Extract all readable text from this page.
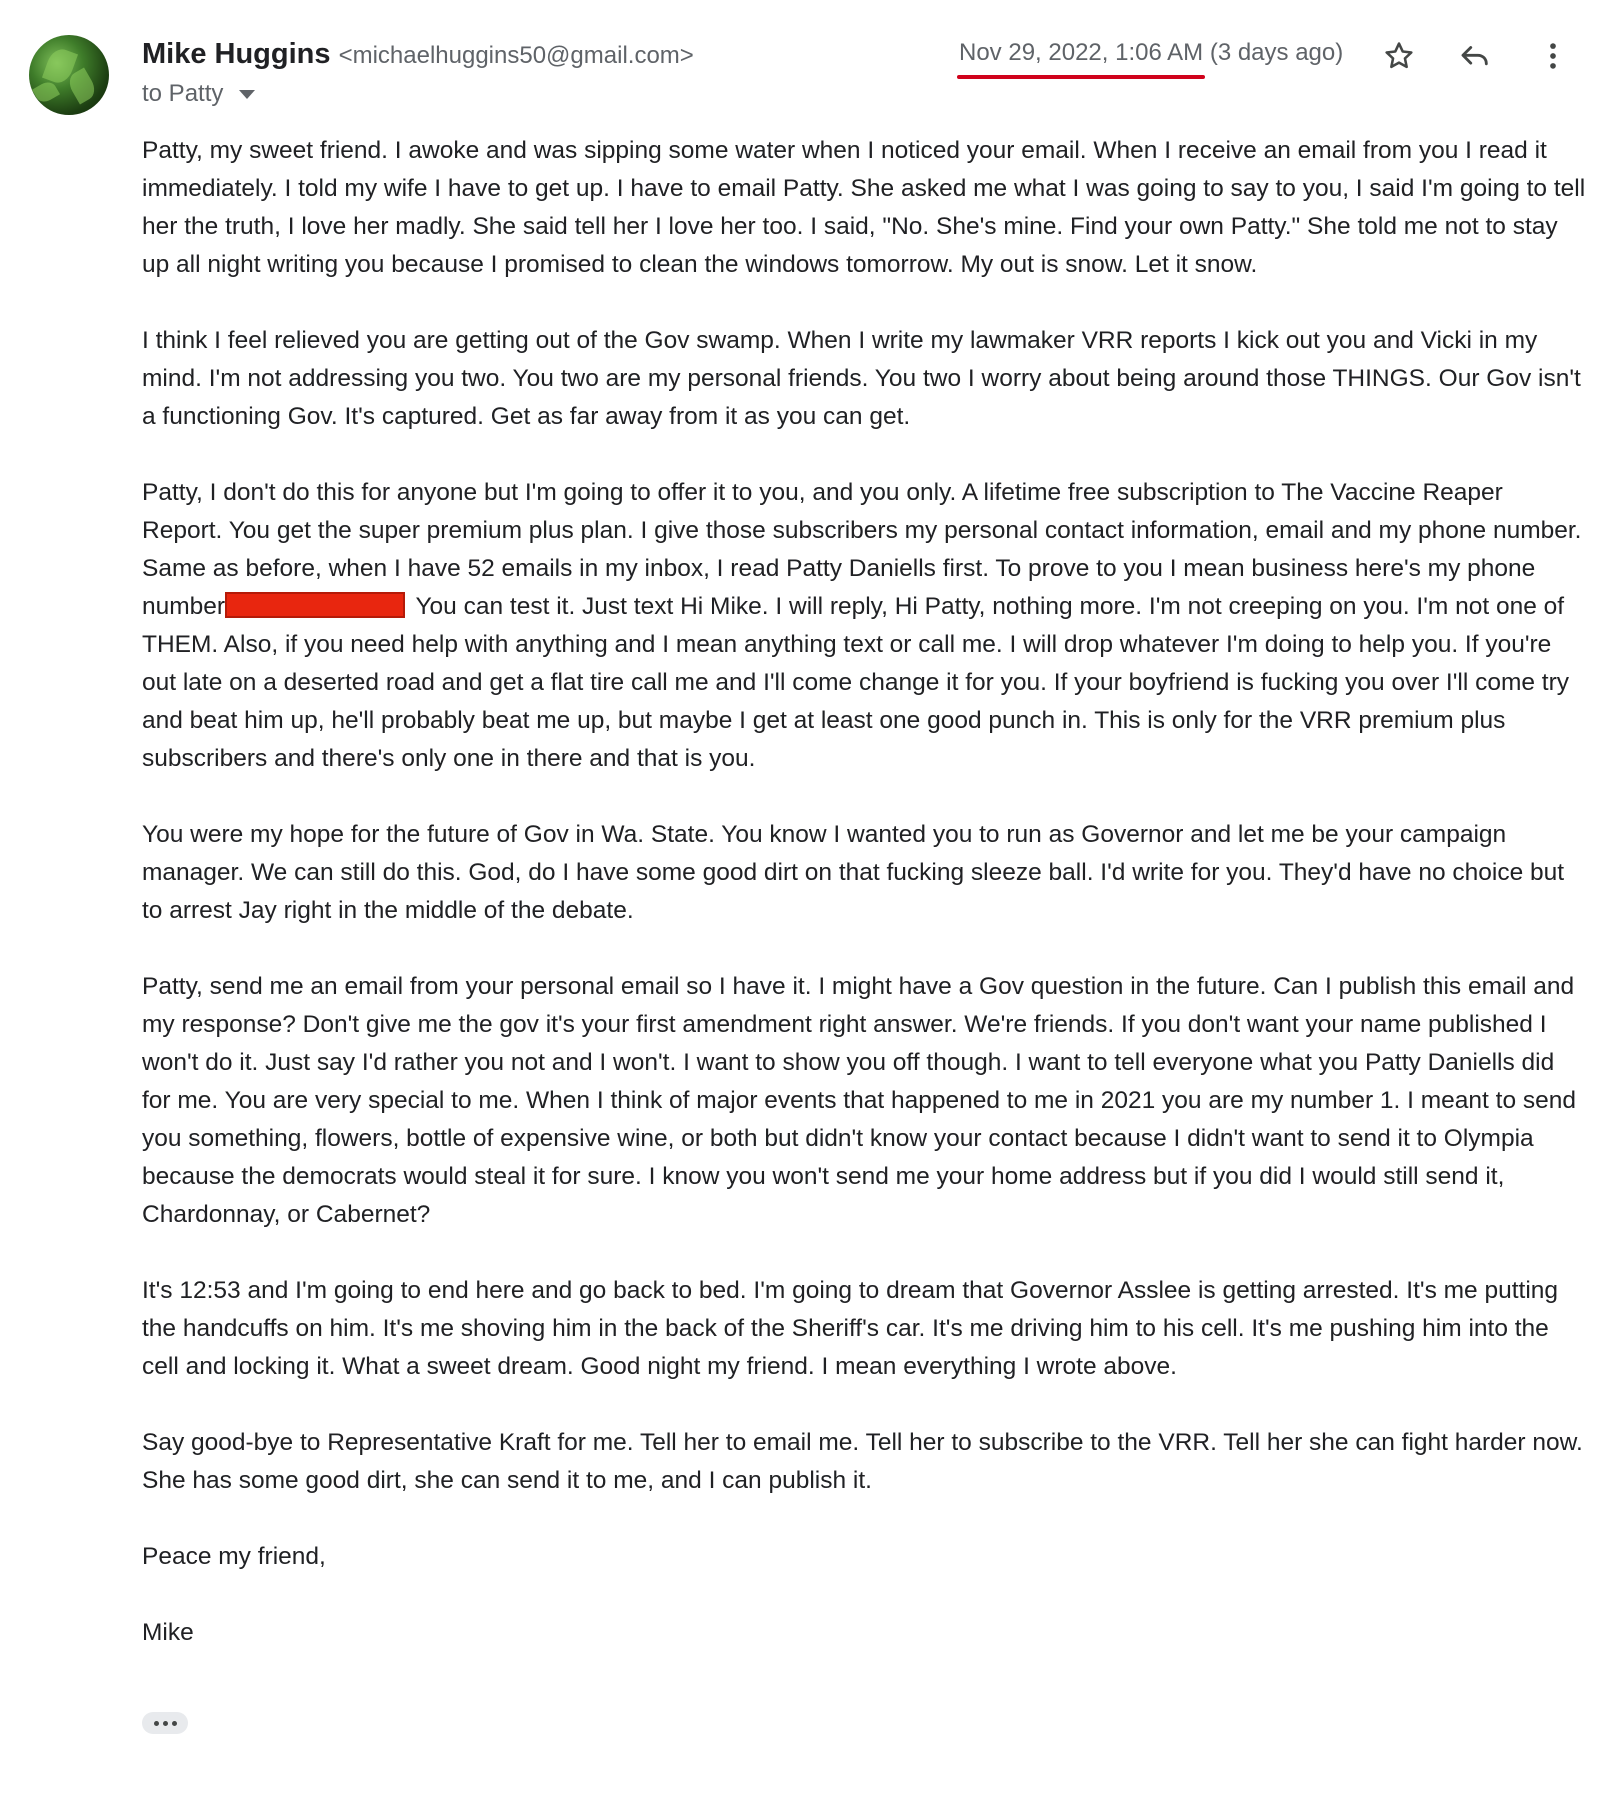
Mike Huggins <michaelhuggins50@gmail.com>
to Patty
Nov 29, 2022, 1:06 AM (3 days ago)

Patty, my sweet friend. I awoke and was sipping some water when I noticed your email. When I receive an email from you I read it immediately. I told my wife I have to get up. I have to email Patty. She asked me what I was going to say to you, I said I'm going to tell her the truth, I love her madly. She said tell her I love her too. I said, "No. She's mine. Find your own Patty." She told me not to stay up all night writing you because I promised to clean the windows tomorrow. My out is snow. Let it snow.

I think I feel relieved you are getting out of the Gov swamp. When I write my lawmaker VRR reports I kick out you and Vicki in my mind. I'm not addressing you two. You two are my personal friends. You two I worry about being around those THINGS. Our Gov isn't a functioning Gov. It's captured. Get as far away from it as you can get.

Patty, I don't do this for anyone but I'm going to offer it to you, and you only. A lifetime free subscription to The Vaccine Reaper Report. You get the super premium plus plan. I give those subscribers my personal contact information, email and my phone number. Same as before, when I have 52 emails in my inbox, I read Patty Daniells first. To prove to you I mean business here's my phone number	You can test it. Just text Hi Mike. I will reply, Hi Patty, nothing more. I'm not creeping on you. I'm not one of THEM. Also, if you need help with anything and I mean anything text or call me. I will drop whatever I'm doing to help you. If you're out late on a deserted road and get a flat tire call me and I'll come change it for you. If your boyfriend is fucking you over I'll come try and beat him up, he'll probably beat me up, but maybe I get at least one good punch in. This is only for the VRR premium plus subscribers and there's only one in there and that is you.

You were my hope for the future of Gov in Wa. State. You know I wanted you to run as Governor and let me be your campaign manager. We can still do this. God, do I have some good dirt on that fucking sleeze ball. I'd write for you. They'd have no choice but to arrest Jay right in the middle of the debate.

Patty, send me an email from your personal email so I have it. I might have a Gov question in the future. Can I publish this email and my response? Don't give me the gov it's your first amendment right answer. We're friends. If you don't want your name published I won't do it. Just say I'd rather you not and I won't. I want to show you off though. I want to tell everyone what you Patty Daniells did for me. You are very special to me. When I think of major events that happened to me in 2021 you are my number 1. I meant to send you something, flowers, bottle of expensive wine, or both but didn't know your contact because I didn't want to send it to Olympia because the democrats would steal it for sure. I know you won't send me your home address but if you did I would still send it, Chardonnay, or Cabernet?

It's 12:53 and I'm going to end here and go back to bed. I'm going to dream that Governor Asslee is getting arrested. It's me putting the handcuffs on him. It's me shoving him in the back of the Sheriff's car. It's me driving him to his cell. It's me pushing him into the cell and locking it. What a sweet dream. Good night my friend. I mean everything I wrote above.

Say good-bye to Representative Kraft for me. Tell her to email me. Tell her to subscribe to the VRR. Tell her she can fight harder now. She has some good dirt, she can send it to me, and I can publish it.

Peace my friend,

Mike
